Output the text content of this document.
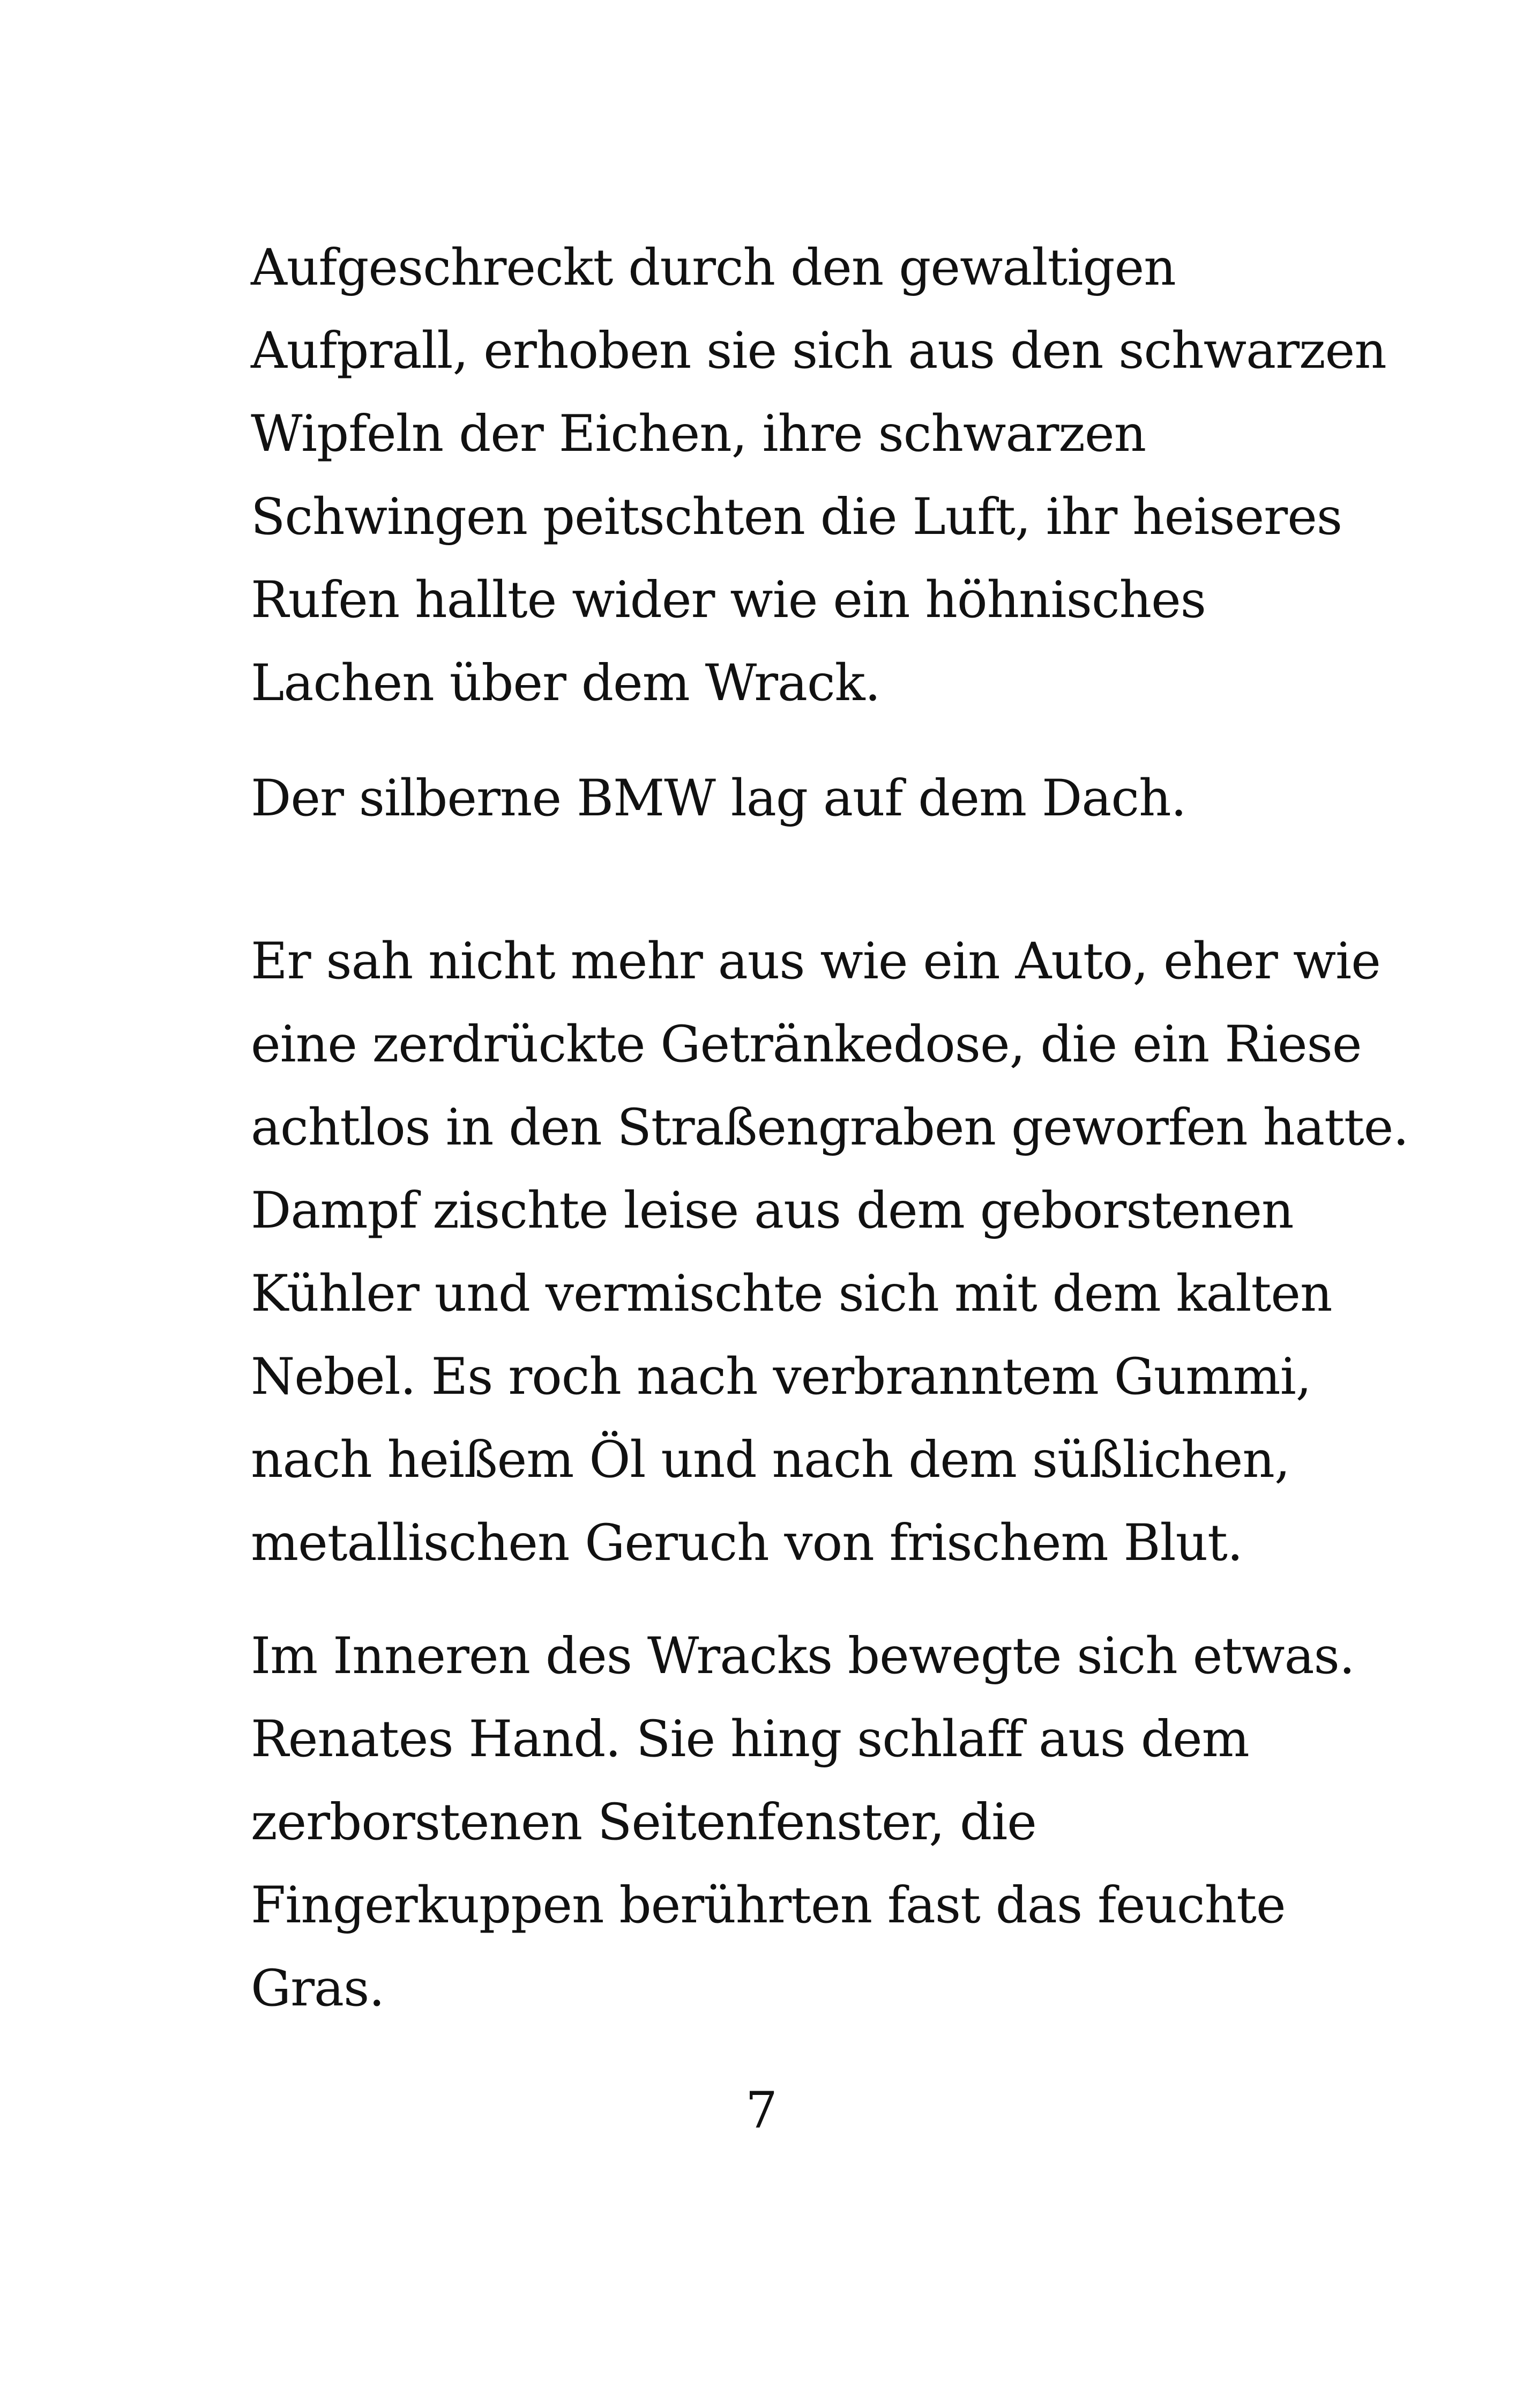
Aufgeschreckt durch den gewaltigen
Aufprall, erhoben sie sich aus den schwarzen
Wipfeln der Eichen, ihre schwarzen
Schwingen peitschten die Luft, ihr heiseres
Rufen hallte wider wie ein höhnisches
Lachen über dem Wrack.
Der silberne BMW lag auf dem Dach.
Er sah nicht mehr aus wie ein Auto, eher wie
eine zerdrückte Getränkedose, die ein Riese
achtlos in den Straßengraben geworfen hatte.
Dampf zischte leise aus dem geborstenen
Kühler und vermischte sich mit dem kalten
Nebel. Es roch nach verbranntem Gummi,
nach heißem Öl und nach dem süßlichen,
metallischen Geruch von frischem Blut.
Im Inneren des Wracks bewegte sich etwas.
Renates Hand. Sie hing schlaff aus dem
zerborstenen Seitenfenster, die
Fingerkuppen berührten fast das feuchte
Gras.
7
